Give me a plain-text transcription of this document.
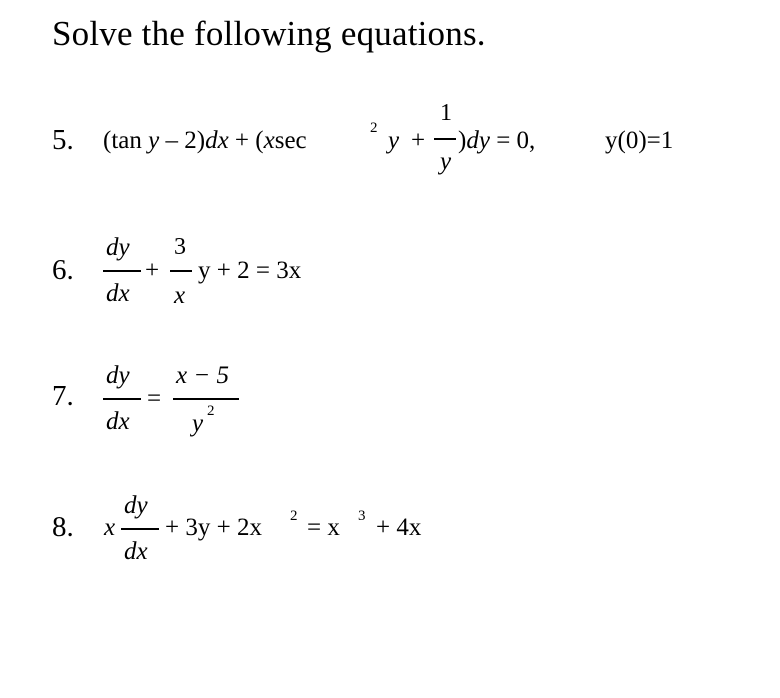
Solve the following equations.
5. (tan y – 2)dx + (xsec	2 y +
1
y
)dy = 0,	y(0)=1
6.
dy
dx
+
3
x
y + 2 = 3x
7.
dy
dx
=
x − 5
y 2
8. x
dy
dx
+ 3y + 2x 2 = x 3 + 4x
